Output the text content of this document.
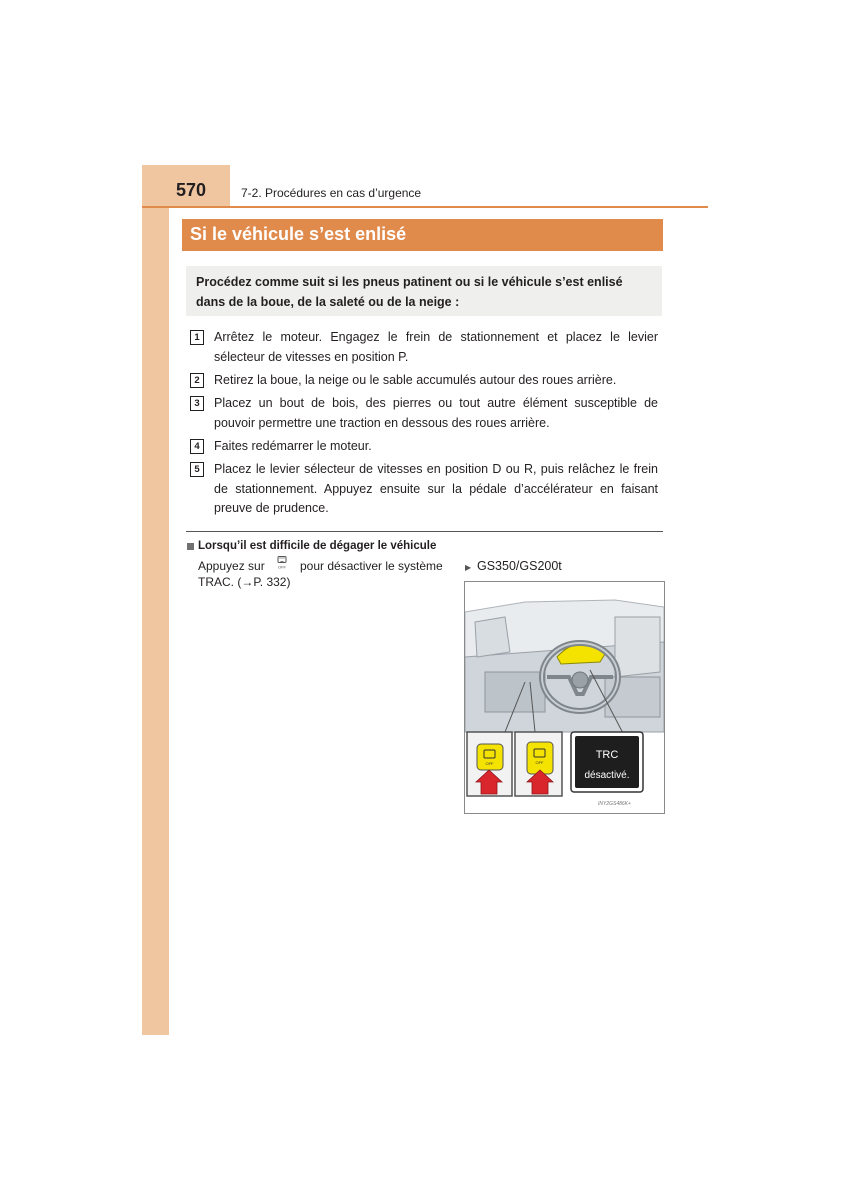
570	7-2. Procédures en cas d’urgence
Si le véhicule s’est enlisé
Procédez comme suit si les pneus patinent ou si le véhicule s’est enlisé dans de la boue, de la saleté ou de la neige :
1	Arrêtez le moteur. Engagez le frein de stationnement et placez le levier sélecteur de vitesses en position P.
2	Retirez la boue, la neige ou le sable accumulés autour des roues arrière.
3	Placez un bout de bois, des pierres ou tout autre élément susceptible de pouvoir permettre une traction en dessous des roues arrière.
4	Faites redémarrer le moteur.
5	Placez le levier sélecteur de vitesses en position D ou R, puis relâchez le frein de stationnement. Appuyez ensuite sur la pédale d’accélérateur en faisant preuve de prudence.
Lorsqu’il est difficile de dégager le véhicule
Appuyez sur	OFF pour désactiver le système
TRAC. (→P. 332)
▶ GS350/GS200t
OFF	OFF
TRC
désactivé.
INY2GS486K+
